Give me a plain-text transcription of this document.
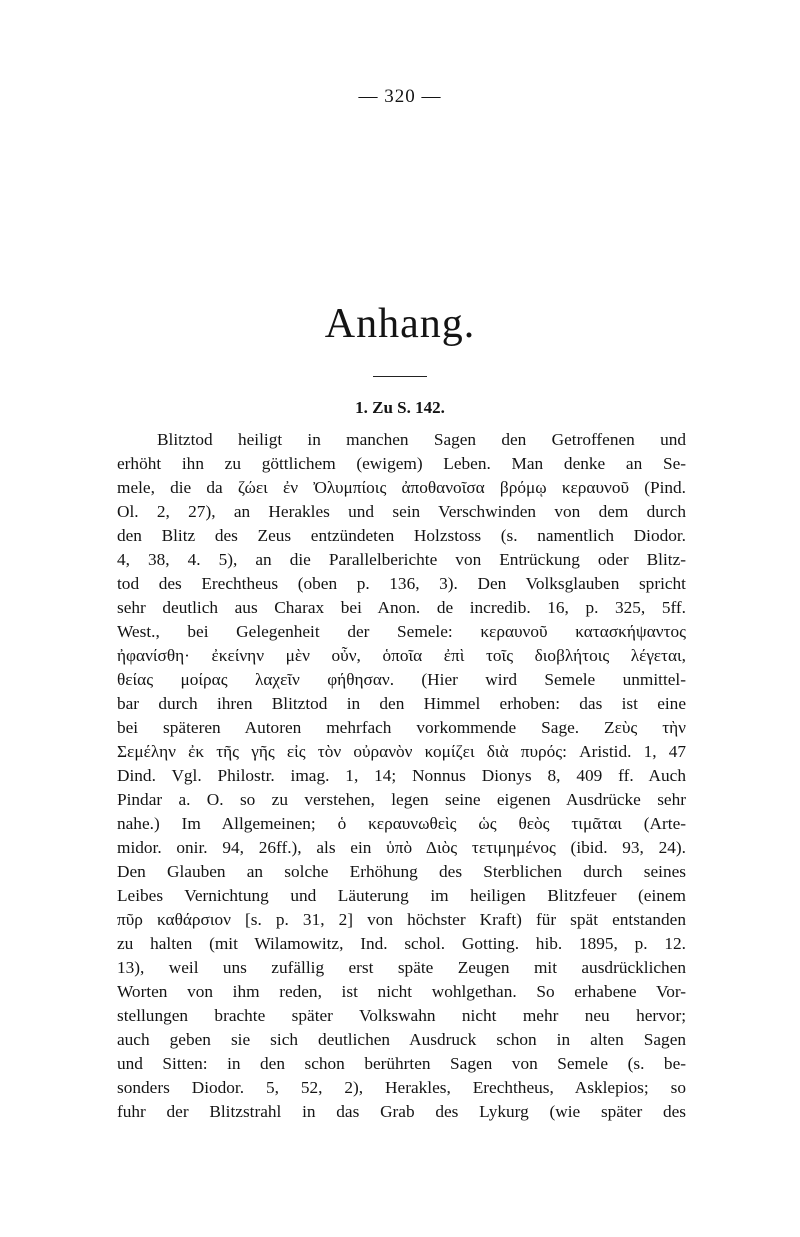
— 320 —
Anhang.
1. Zu S. 142.
Blitztod heiligt in manchen Sagen den Getroffenen und
erhöht ihn zu göttlichem (ewigem) Leben. Man denke an Se-
mele, die da ζώει ἐν Ὀλυμπίοις ἀποθανοῖσα βρόμῳ κεραυνοῦ (Pind.
Ol. 2, 27), an Herakles und sein Verschwinden von dem durch
den Blitz des Zeus entzündeten Holzstoss (s. namentlich Diodor.
4, 38, 4. 5), an die Parallelberichte von Entrückung oder Blitz-
tod des Erechtheus (oben p. 136, 3). Den Volksglauben spricht
sehr deutlich aus Charax bei Anon. de incredib. 16, p. 325, 5ff.
West., bei Gelegenheit der Semele: κεραυνοῦ κατασκήψαντος
ἠφανίσθη· ἐκείνην μὲν οὖν, ὁποῖα ἐπὶ τοῖς διοβλήτοις λέγεται,
θείας μοίρας λαχεῖν φήθησαν. (Hier wird Semele unmittel-
bar durch ihren Blitztod in den Himmel erhoben: das ist eine
bei späteren Autoren mehrfach vorkommende Sage. Ζεὺς τὴν
Σεμέλην ἐκ τῆς γῆς εἰς τὸν οὐρανὸν κομίζει διὰ πυρός: Aristid. 1, 47
Dind. Vgl. Philostr. imag. 1, 14; Nonnus Dionys 8, 409 ff. Auch
Pindar a. O. so zu verstehen, legen seine eigenen Ausdrücke sehr
nahe.) Im Allgemeinen; ὁ κεραυνωθεὶς ὡς θεὸς τιμᾶται (Arte-
midor. onir. 94, 26ff.), als ein ὑπὸ Διὸς τετιμημένος (ibid. 93, 24).
Den Glauben an solche Erhöhung des Sterblichen durch seines
Leibes Vernichtung und Läuterung im heiligen Blitzfeuer (einem
πῦρ καθάρσιον [s. p. 31, 2] von höchster Kraft) für spät entstanden
zu halten (mit Wilamowitz, Ind. schol. Gotting. hib. 1895, p. 12.
13), weil uns zufällig erst späte Zeugen mit ausdrücklichen
Worten von ihm reden, ist nicht wohlgethan. So erhabene Vor-
stellungen brachte später Volkswahn nicht mehr neu hervor;
auch geben sie sich deutlichen Ausdruck schon in alten Sagen
und Sitten: in den schon berührten Sagen von Semele (s. be-
sonders Diodor. 5, 52, 2), Herakles, Erechtheus, Asklepios; so
fuhr der Blitzstrahl in das Grab des Lykurg (wie später des
